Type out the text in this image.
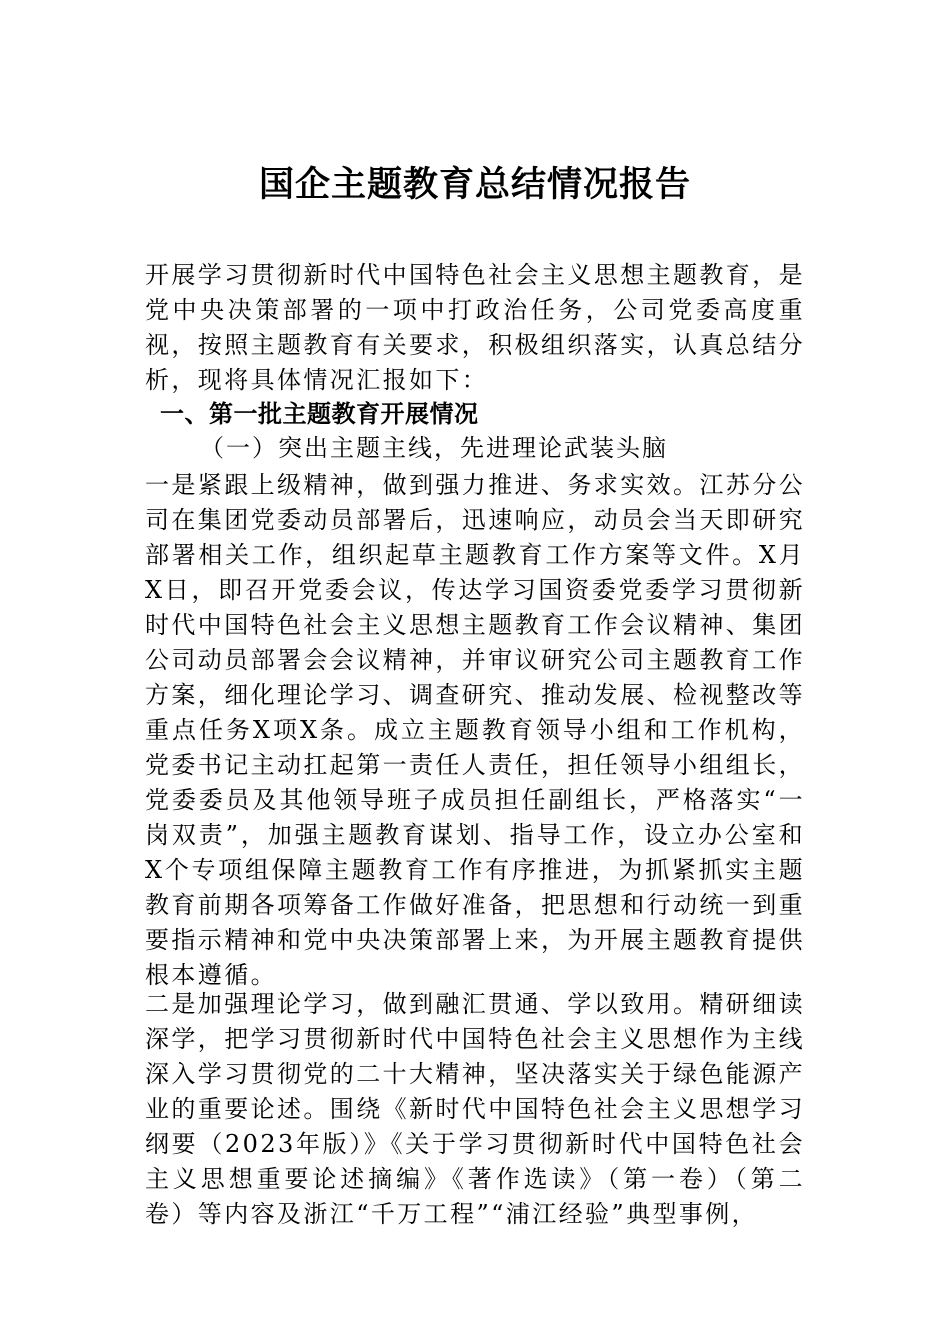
国企主题教育总结情况报告

开展学习贯彻新时代中国特色社会主义思想主题教育，是党中央决策部署的一项中打政治任务，公司党委高度重视，按照主题教育有关要求，积极组织落实，认真总结分析，现将具体情况汇报如下：

一、第一批主题教育开展情况
（一）突出主题主线，先进理论武装头脑

一是紧跟上级精神，做到强力推进、务求实效。江苏分公司在集团党委动员部署后，迅速响应，动员会当天即研究部署相关工作，组织起草主题教育工作方案等文件。X月X日，即召开党委会议，传达学习国资委党委学习贯彻新时代中国特色社会主义思想主题教育工作会议精神、集团公司动员部署会会议精神，并审议研究公司主题教育工作方案，细化理论学习、调查研究、推动发展、检视整改等重点任务X项X条。成立主题教育领导小组和工作机构，党委书记主动扛起第一责任人责任，担任领导小组组长，党委委员及其他领导班子成员担任副组长，严格落实“一岗双责”，加强主题教育谋划、指导工作，设立办公室和X个专项组保障主题教育工作有序推进，为抓紧抓实主题教育前期各项筹备工作做好准备，把思想和行动统一到重要指示精神和党中央决策部署上来，为开展主题教育提供根本遵循。

二是加强理论学习，做到融汇贯通、学以致用。精研细读深学，把学习贯彻新时代中国特色社会主义思想作为主线深入学习贯彻党的二十大精神，坚决落实关于绿色能源产业的重要论述。围绕《新时代中国特色社会主义思想学习纲要（2023年版）》《关于学习贯彻新时代中国特色社会主义思想重要论述摘编》《著作选读》（第一卷）（第二卷）等内容及浙江“千万工程”“浦江经验”典型事例，
